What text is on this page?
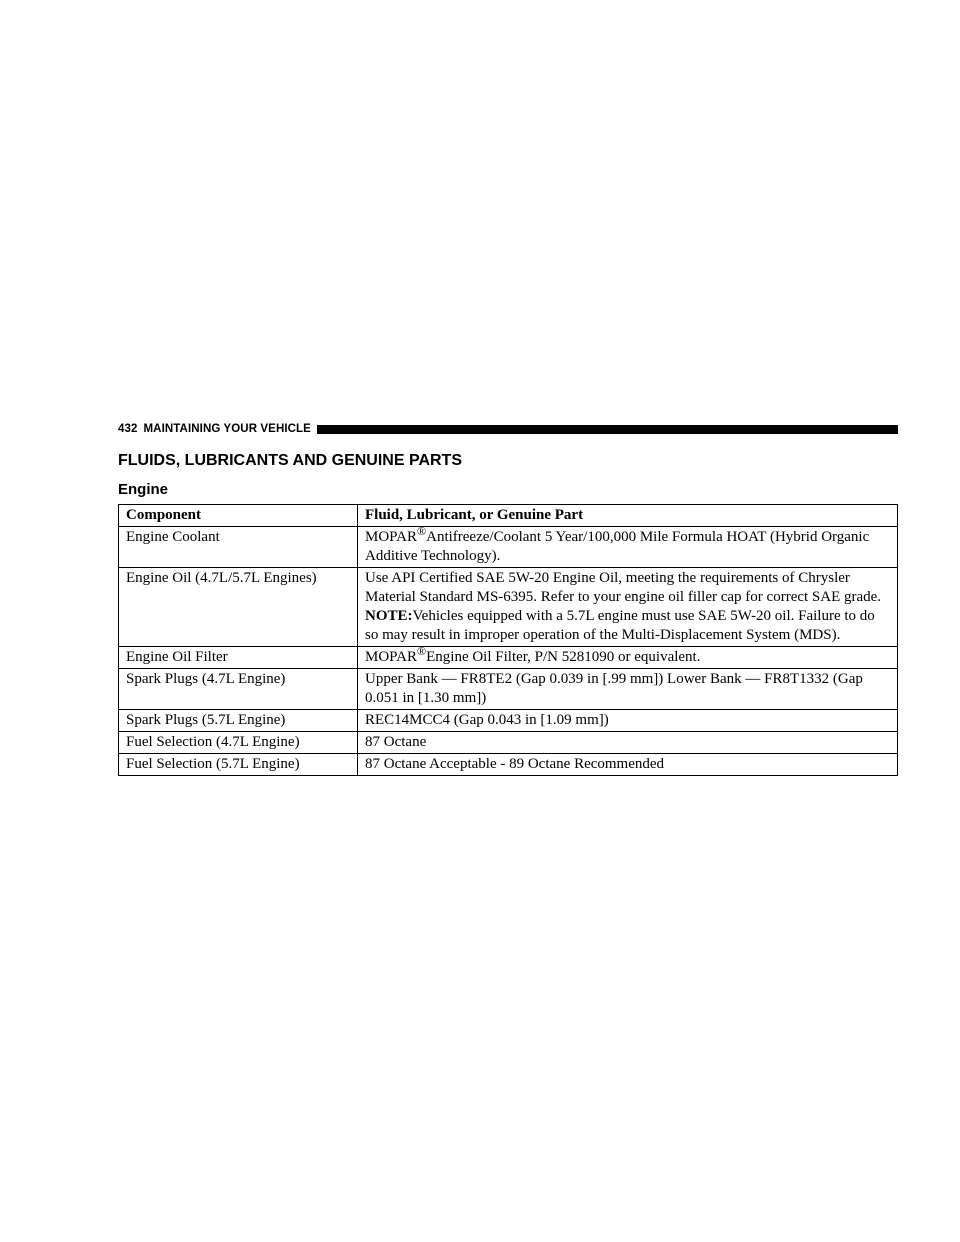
432 MAINTAINING YOUR VEHICLE
FLUIDS, LUBRICANTS AND GENUINE PARTS
Engine
Component	Fluid, Lubricant, or Genuine Part
Engine Coolant	MOPAR®Antifreeze/Coolant 5 Year/100,000 Mile Formula HOAT (Hybrid Organic Additive Technology).
Engine Oil (4.7L/5.7L Engines)	Use API Certified SAE 5W-20 Engine Oil, meeting the requirements of Chrysler Material Standard MS-6395. Refer to your engine oil filler cap for correct SAE grade. NOTE:Vehicles equipped with a 5.7L engine must use SAE 5W-20 oil. Failure to do so may result in improper operation of the Multi-Displacement System (MDS).
Engine Oil Filter	MOPAR®Engine Oil Filter, P/N 5281090 or equivalent.
Spark Plugs (4.7L Engine)	Upper Bank — FR8TE2 (Gap 0.039 in [.99 mm]) Lower Bank — FR8T1332 (Gap 0.051 in [1.30 mm])
Spark Plugs (5.7L Engine)	REC14MCC4 (Gap 0.043 in [1.09 mm])
Fuel Selection (4.7L Engine)	87 Octane
Fuel Selection (5.7L Engine)	87 Octane Acceptable - 89 Octane Recommended
